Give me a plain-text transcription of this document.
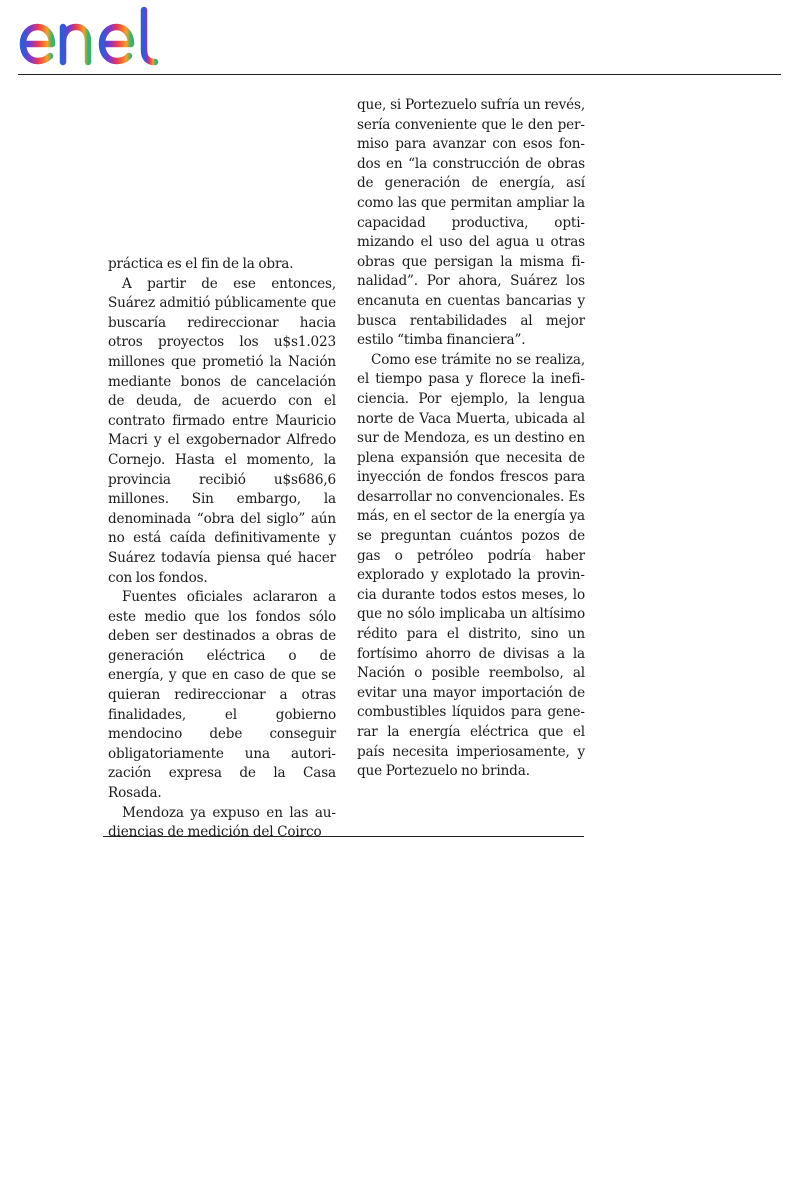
práctica es el fin de la obra.

A partir de ese entonces, Suárez admitió públicamente que buscaría redireccionar hacia otros proyectos los u$s1.023 millones que prometió la Nación mediante bonos de cancelación de deuda, de acuerdo con el contrato firmado entre Mauricio Macri y el exgobernador Alfredo Cornejo. Hasta el momento, la provincia recibió u$s686,6 millones. Sin embargo, la denominada “obra del siglo” aún no está caída definitivamente y Suárez todavía piensa qué hacer con los fondos.

Fuentes oficiales aclararon a este medio que los fondos sólo deben ser destinados a obras de generación eléctrica o de energía, y que en caso de que se quieran redireccionar a otras finalidades, el gobierno mendocino debe conseguir obligatoriamente una autorización expresa de la Casa Rosada.

Mendoza ya expuso en las audiencias de medición del Coirco

que, si Portezuelo sufría un revés, sería conveniente que le den permiso para avanzar con esos fondos en “la construcción de obras de generación de energía, así como las que permitan ampliar la capacidad productiva, optimizando el uso del agua u otras obras que persigan la misma finalidad”. Por ahora, Suárez los encanuta en cuentas bancarias y busca rentabilidades al mejor estilo “timba financiera”.

Como ese trámite no se realiza, el tiempo pasa y florece la ineficiencia. Por ejemplo, la lengua norte de Vaca Muerta, ubicada al sur de Mendoza, es un destino en plena expansión que necesita de inyección de fondos frescos para desarrollar no convencionales. Es más, en el sector de la energía ya se preguntan cuántos pozos de gas o petróleo podría haber explorado y explotado la provincia durante todos estos meses, lo que no sólo implicaba un altísimo rédito para el distrito, sino un fortísimo ahorro de divisas a la Nación o posible reembolso, al evitar una mayor importación de combustibles líquidos para generar la energía eléctrica que el país necesita imperiosamente, y que Portezuelo no brinda.
